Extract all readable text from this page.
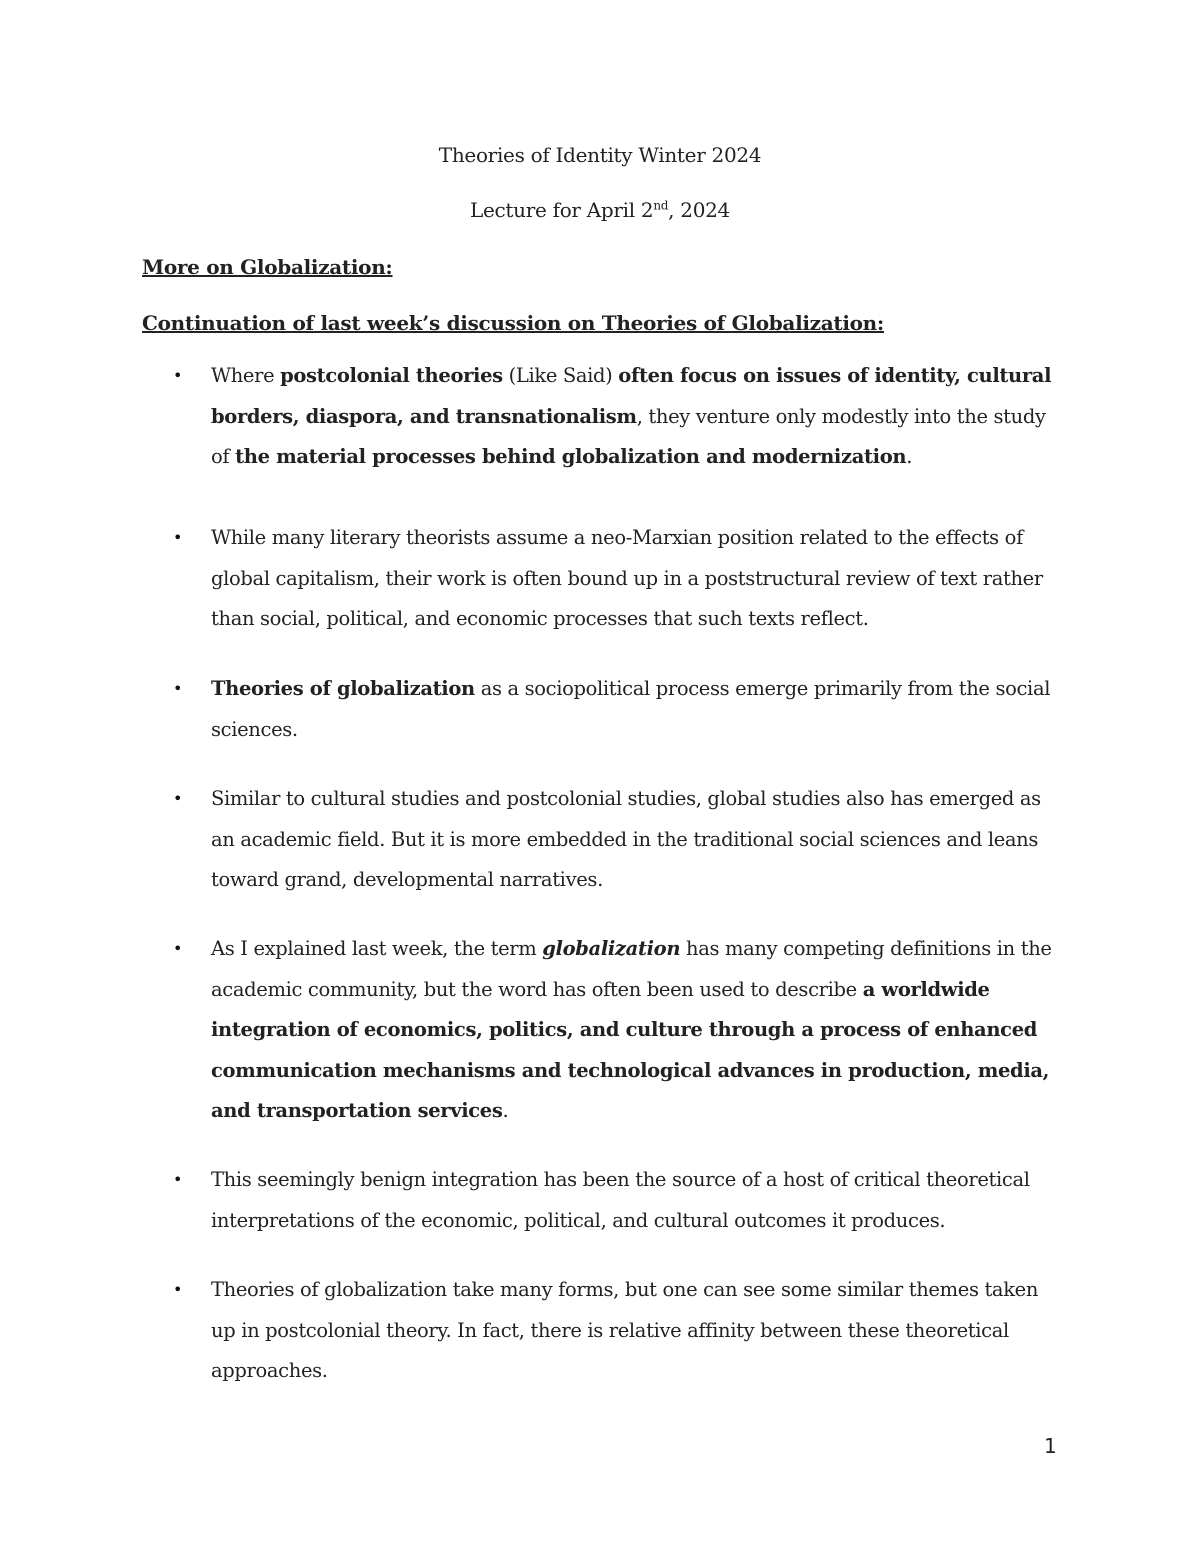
Theories of Identity Winter 2024
Lecture for April 2nd, 2024
More on Globalization:
Continuation of last week’s discussion on Theories of Globalization:
• Where postcolonial theories (Like Said) often focus on issues of identity, cultural borders, diaspora, and transnationalism, they venture only modestly into the study of the material processes behind globalization and modernization.
• While many literary theorists assume a neo-Marxian position related to the effects of global capitalism, their work is often bound up in a poststructural review of text rather than social, political, and economic processes that such texts reflect.
• Theories of globalization as a sociopolitical process emerge primarily from the social sciences.
• Similar to cultural studies and postcolonial studies, global studies also has emerged as an academic field. But it is more embedded in the traditional social sciences and leans toward grand, developmental narratives.
• As I explained last week, the term globalization has many competing definitions in the academic community, but the word has often been used to describe a worldwide integration of economics, politics, and culture through a process of enhanced communication mechanisms and technological advances in production, media, and transportation services.
• This seemingly benign integration has been the source of a host of critical theoretical interpretations of the economic, political, and cultural outcomes it produces.
• Theories of globalization take many forms, but one can see some similar themes taken up in postcolonial theory. In fact, there is relative affinity between these theoretical approaches.
1
